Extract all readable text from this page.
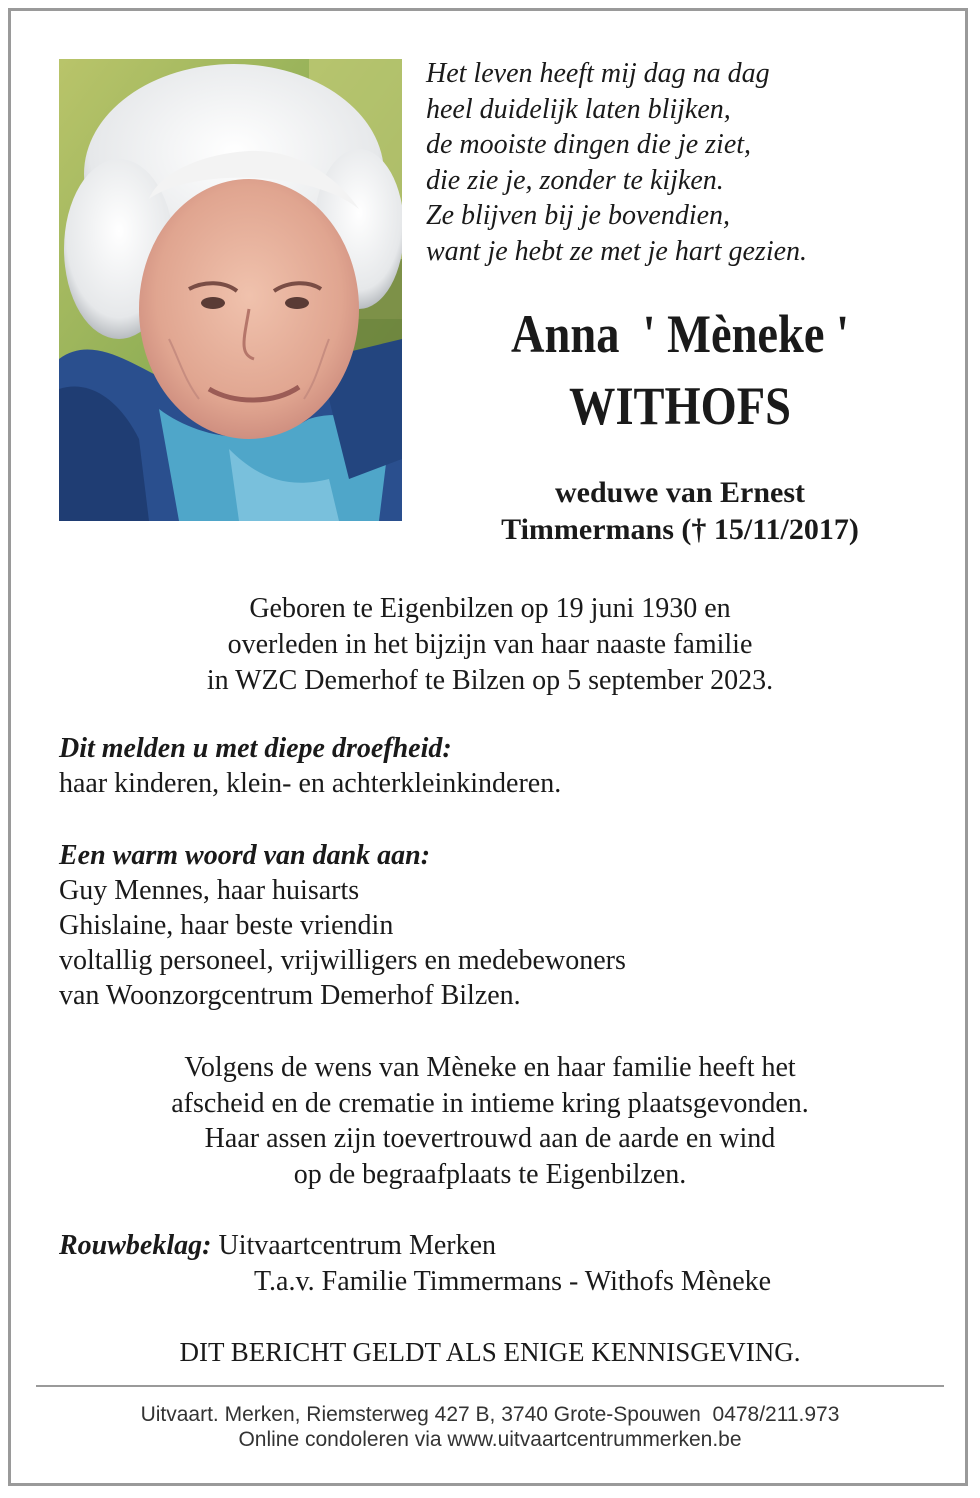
Het leven heeft mij dag na dag
heel duidelijk laten blijken,
de mooiste dingen die je ziet,
die zie je, zonder te kijken.
Ze blijven bij je bovendien,
want je hebt ze met je hart gezien.
Anna  ' Mèneke '
WITHOFS
weduwe van Ernest
Timmermans († 15/11/2017)
Geboren te Eigenbilzen op 19 juni 1930 en
overleden in het bijzijn van haar naaste familie
in WZC Demerhof te Bilzen op 5 september 2023.
Dit melden u met diepe droefheid:
haar kinderen, klein- en achterkleinkinderen.
Een warm woord van dank aan:
Guy Mennes, haar huisarts
Ghislaine, haar beste vriendin
voltallig personeel, vrijwilligers en medebewoners
van Woonzorgcentrum Demerhof Bilzen.
Volgens de wens van Mèneke en haar familie heeft het
afscheid en de crematie in intieme kring plaatsgevonden.
Haar assen zijn toevertrouwd aan de aarde en wind
op de begraafplaats te Eigenbilzen.
Rouwbeklag: Uitvaartcentrum Merken
T.a.v. Familie Timmermans - Withofs Mèneke
DIT BERICHT GELDT ALS ENIGE KENNISGEVING.
Uitvaart. Merken, Riemsterweg 427 B, 3740 Grote-Spouwen  0478/211.973
Online condoleren via www.uitvaartcentrummerken.be
